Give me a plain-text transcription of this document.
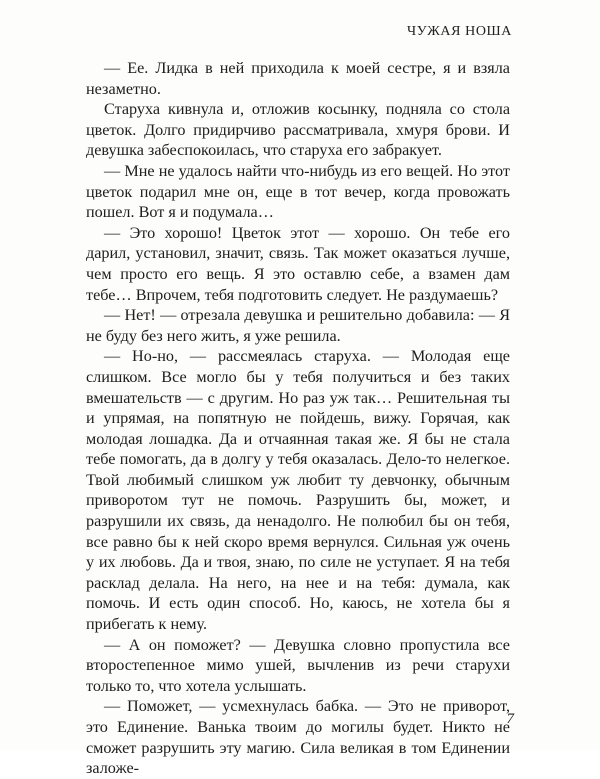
ЧУЖАЯ НОША

— Ее. Лидка в ней приходила к моей сестре, я и взяла незаметно.

Старуха кивнула и, отложив косынку, подняла со стола цветок. Долго придирчиво рассматривала, хмуря брови. И девушка забеспокоилась, что старуха его забракует.

— Мне не удалось найти что-нибудь из его вещей. Но этот цветок подарил мне он, еще в тот вечер, когда провожать пошел. Вот я и подумала…

— Это хорошо! Цветок этот — хорошо. Он тебе его дарил, установил, значит, связь. Так может оказаться лучше, чем просто его вещь. Я это оставлю себе, а взамен дам тебе… Впрочем, тебя подготовить следует. Не раздумаешь?

— Нет! — отрезала девушка и решительно добавила: — Я не буду без него жить, я уже решила.

— Но-но, — рассмеялась старуха. — Молодая еще слишком. Все могло бы у тебя получиться и без таких вмешательств — с другим. Но раз уж так… Решительная ты и упрямая, на попятную не пойдешь, вижу. Горячая, как молодая лошадка. Да и отчаянная такая же. Я бы не стала тебе помогать, да в долгу у тебя оказалась. Дело-то нелегкое. Твой любимый слишком уж любит ту девчонку, обычным приворотом тут не помочь. Разрушить бы, может, и разрушили их связь, да ненадолго. Не полюбил бы он тебя, все равно бы к ней скоро время вернулся. Сильная уж очень у их любовь. Да и твоя, знаю, по силе не уступает. Я на тебя расклад делала. На него, на нее и на тебя: думала, как помочь. И есть один способ. Но, каюсь, не хотела бы я прибегать к нему.

— А он поможет? — Девушка словно пропустила все второстепенное мимо ушей, вычленив из речи старухи только то, что хотела услышать.

— Поможет, — усмехнулась бабка. — Это не приворот, это Единение. Ванька твоим до могилы будет. Никто не сможет разрушить эту магию. Сила великая в том Единении заложе-

7
